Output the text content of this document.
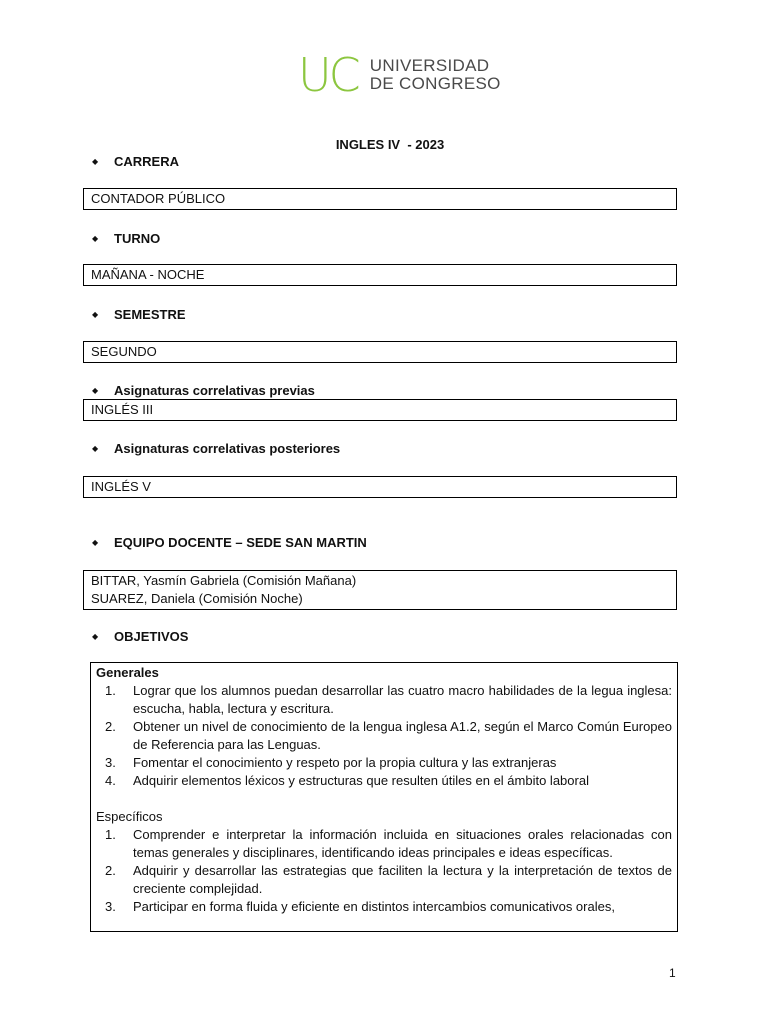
UC UNIVERSIDAD
DE CONGRESO
INGLES IV  - 2023
◆	CARRERA
CONTADOR PÚBLICO
◆	TURNO
MAÑANA - NOCHE
◆	SEMESTRE
SEGUNDO
◆	Asignaturas correlativas previas
INGLÉS III
◆	Asignaturas correlativas posteriores
INGLÉS V
◆	EQUIPO DOCENTE – SEDE SAN MARTIN
BITTAR, Yasmín Gabriela (Comisión Mañana)
SUAREZ, Daniela (Comisión Noche)
◆	OBJETIVOS
Generales
1.	Lograr que los alumnos puedan desarrollar las cuatro macro habilidades de la legua inglesa: escucha, habla, lectura y escritura.
2.	Obtener un nivel de conocimiento de la lengua inglesa A1.2, según el Marco Común Europeo de Referencia para las Lenguas.
3.	Fomentar el conocimiento y respeto por la propia cultura y las extranjeras
4.	Adquirir elementos léxicos y estructuras que resulten útiles en el ámbito laboral
Específicos
1.	Comprender e interpretar la información incluida en situaciones orales relacionadas con temas generales y disciplinares, identificando ideas principales e ideas específicas.
2.	Adquirir y desarrollar las estrategias que faciliten la lectura y la interpretación de textos de creciente complejidad.
3.	Participar en forma fluida y eficiente en distintos intercambios comunicativos orales,
1
